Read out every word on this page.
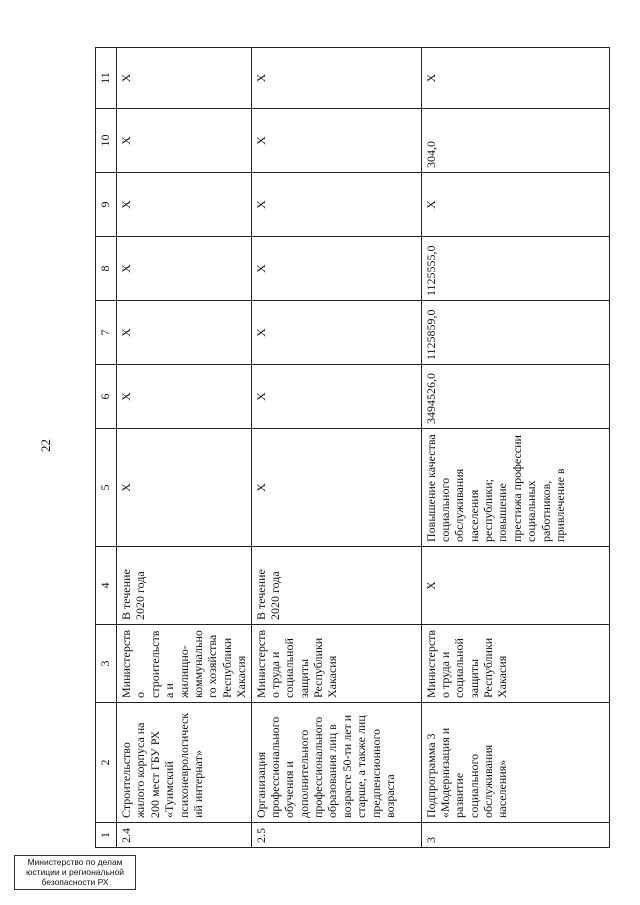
22
1	2	3	4	5	6	7	8	9	10	11
2.4	Строительство жилого корпуса на 200 мест ГБУ РХ «Туимский психоневрологический интернат»	Министерство строительства и жилищно-коммунального хозяйства Республики Хакасия	В течение 2020 года	Х	Х	Х	Х	Х	Х	Х
2.5	Организация профессионального обучения и дополнительного профессионального образования лиц в возрасте 50-ти лет и старше, а также лиц предпенсионного возраста	Министерство труда и социальной защиты Республики Хакасия	В течение 2020 года	Х	Х	Х	Х	Х	Х	Х
3	Подпрограмма 3 «Модернизация и развитие социального обслуживания населения»	Министерство труда и социальной защиты Республики Хакасия	Х	Повышение качества социального обслуживания населения республики; повышение престижа профессии социальных работников, привлечение в	3494526,0	1125859,0	1125555,0	Х	304,0	Х
Министерство по делам
юстиции и региональной
безопасности РХ
